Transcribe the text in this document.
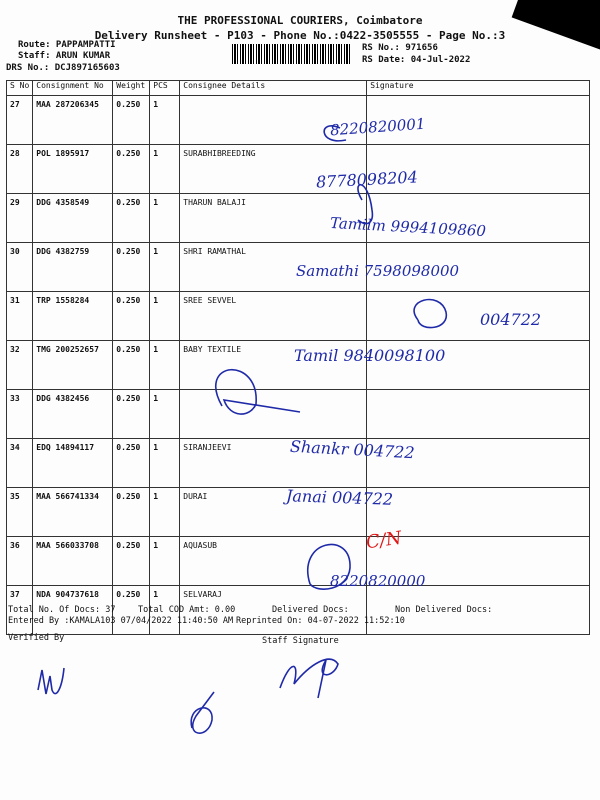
THE PROFESSIONAL COURIERS, Coimbatore
Delivery Runsheet - P103 - Phone No.:0422-3505555 - Page No.:3
Route: PAPPAMPATTI
Staff: ARUN KUMAR
DRS No.: DCJ897165603
RS No.: 971656
RS Date: 04-Jul-2022
S No	Consignment No	Weight	PCS	Consignee Details	Signature
27	MAA 287206345	0.250	1		
28	POL 1895917	0.250	1	SURABHIBREEDING	
29	DDG 4358549	0.250	1	THARUN BALAJI	
30	DDG 4382759	0.250	1	SHRI RAMATHAL	
31	TRP 1558284	0.250	1	SREE SEVVEL	
32	TMG 200252657	0.250	1	BABY TEXTILE	
33	DDG 4382456	0.250	1		
34	EDQ 14894117	0.250	1	SIRANJEEVI	
35	MAA 566741334	0.250	1	DURAI	
36	MAA 566033708	0.250	1	AQUASUB	
37	NDA 904737618	0.250	1	SELVARAJ	
8220820001
8778098204
Tamilm 9994109860
Samathi 7598098000
004722
Tamil 9840098100
Shankr 004722
Janai 004722
C/N
8220820000
Total No. Of Docs: 37	Total COD Amt: 0.00	Delivered Docs:	Non Delivered Docs:
Entered By :KAMALA103 07/04/2022 11:40:50 AM Reprinted On: 04-07-2022 11:52:10
Verified By	Staff Signature
